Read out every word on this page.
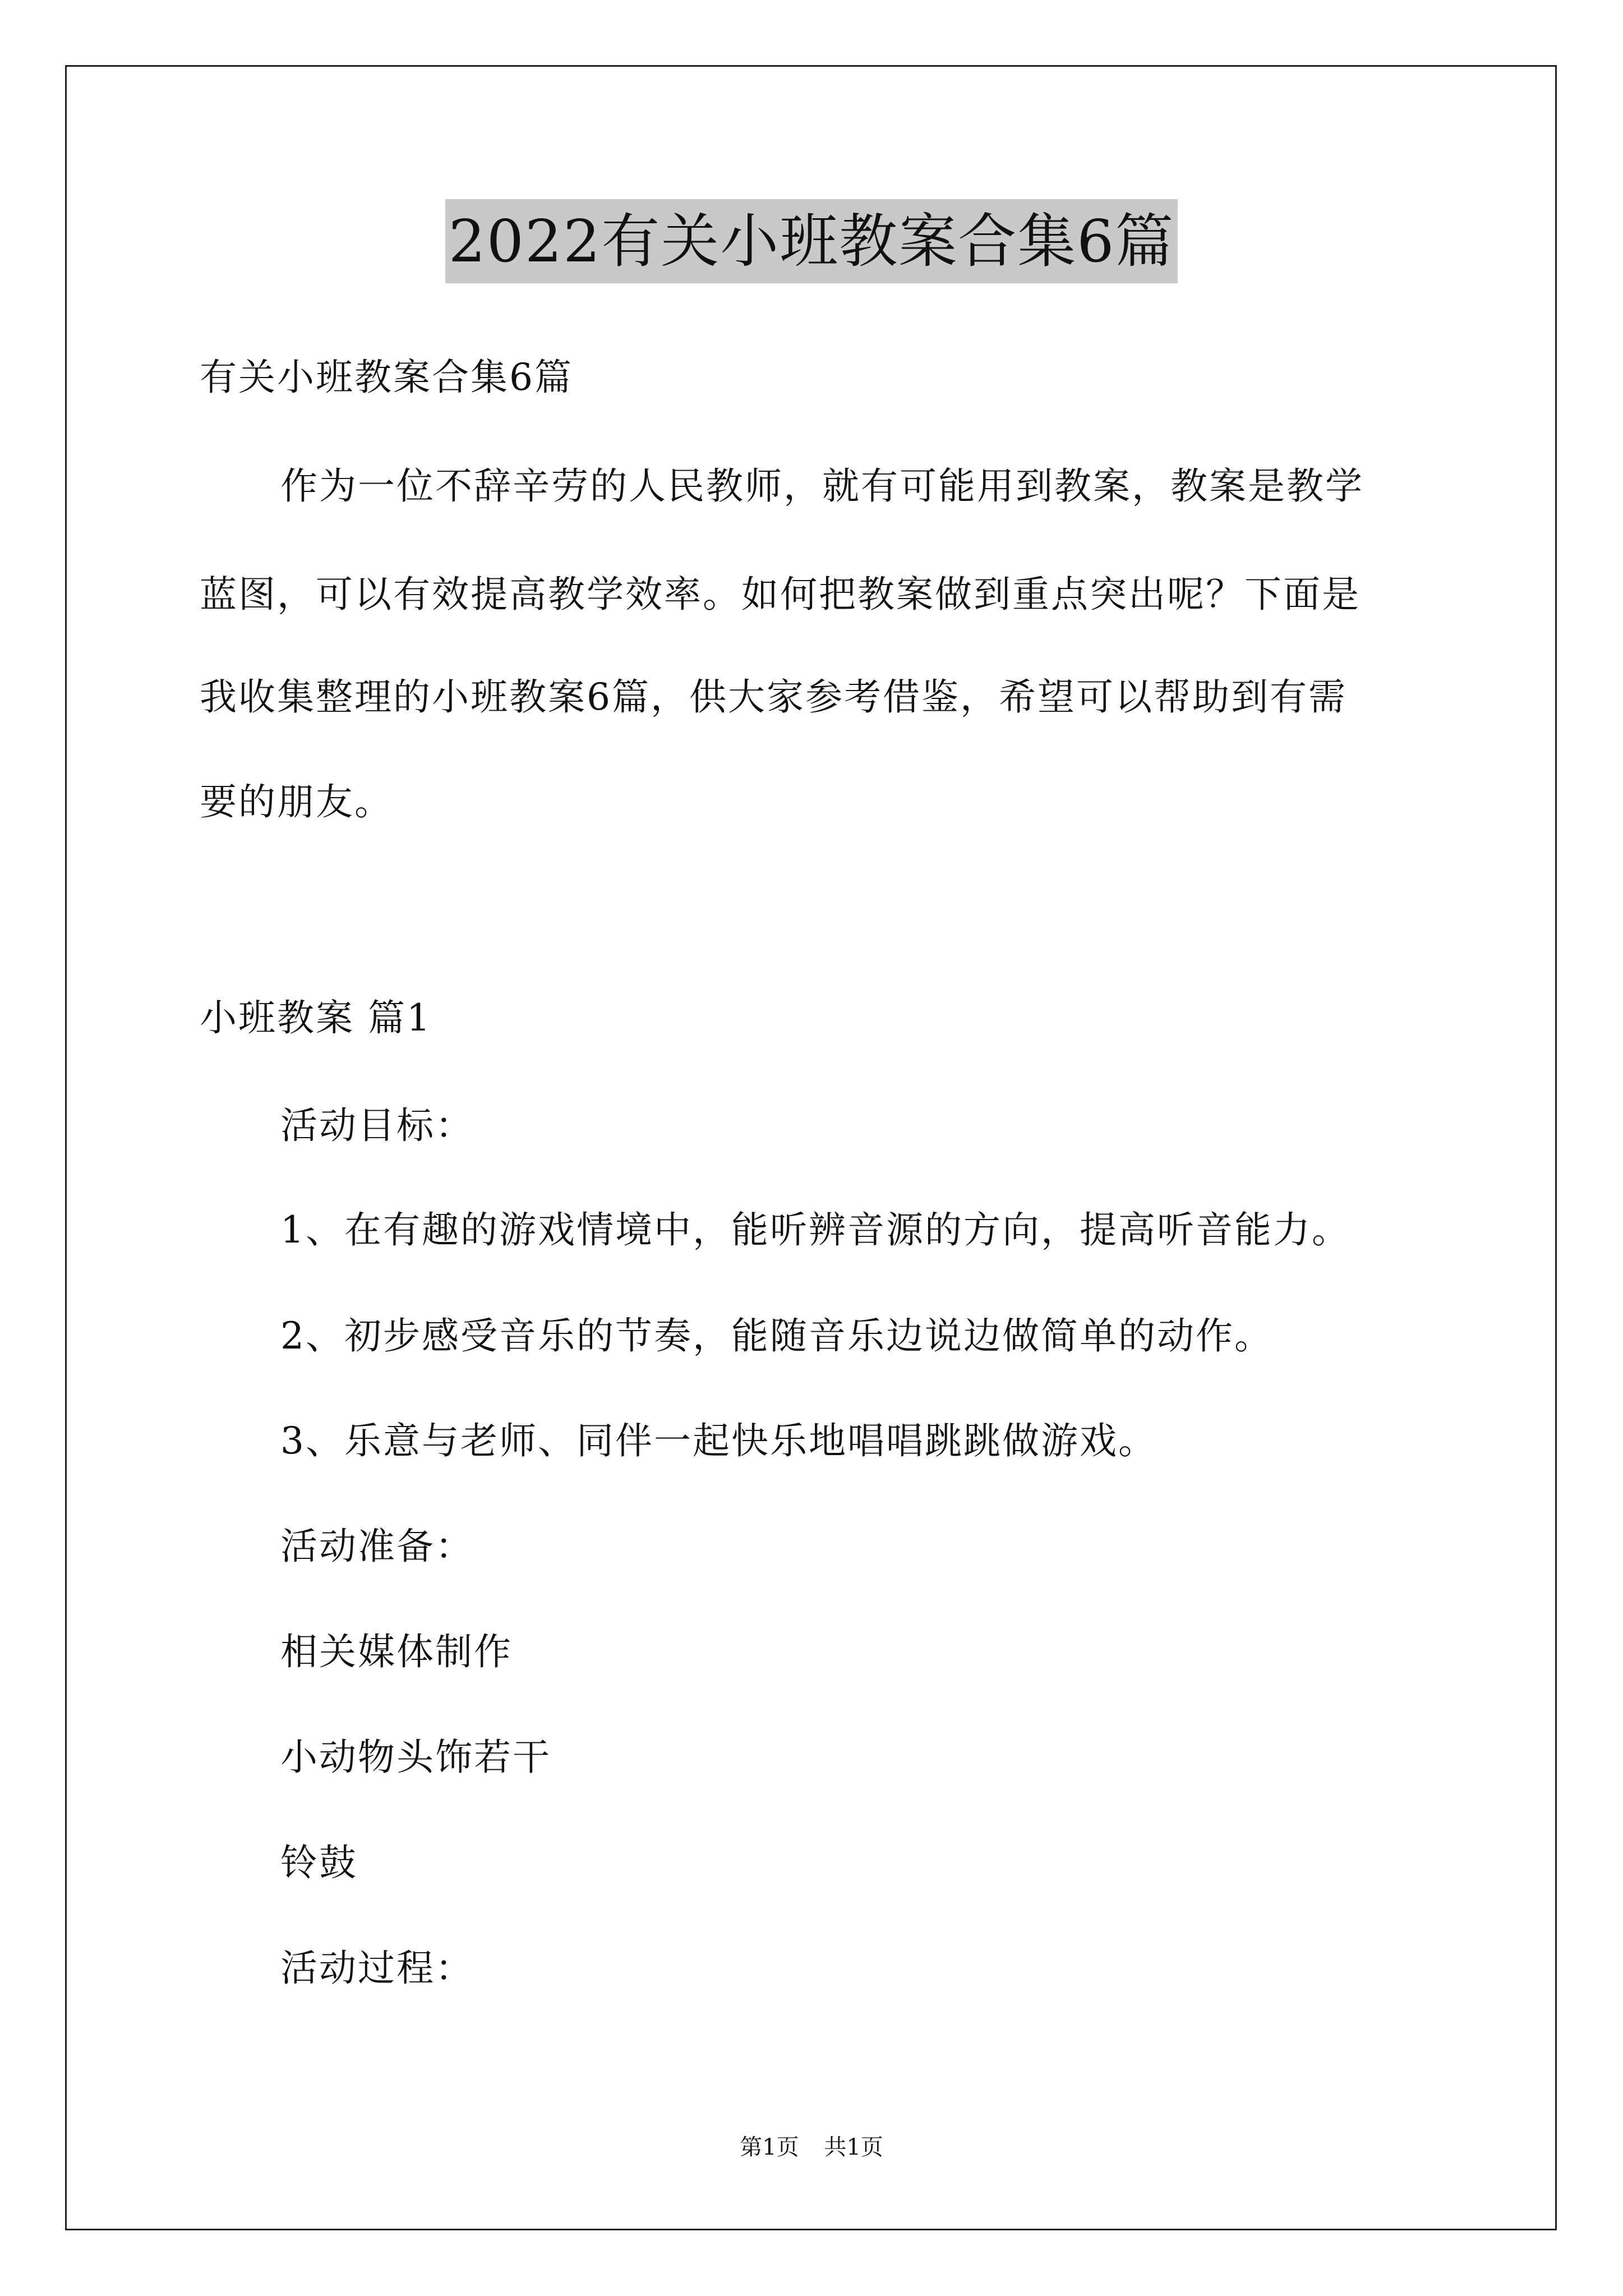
2022有关小班教案合集6篇
有关小班教案合集6篇
作为一位不辞辛劳的人民教师，就有可能用到教案，教案是教学
蓝图，可以有效提高教学效率。如何把教案做到重点突出呢？下面是
我收集整理的小班教案6篇，供大家参考借鉴，希望可以帮助到有需
要的朋友。
小班教案 篇1
活动目标：
1、在有趣的游戏情境中，能听辨音源的方向，提高听音能力。
2、初步感受音乐的节奏，能随音乐边说边做简单的动作。
3、乐意与老师、同伴一起快乐地唱唱跳跳做游戏。
活动准备：
相关媒体制作
小动物头饰若干
铃鼓
活动过程：
第1页 共1页
